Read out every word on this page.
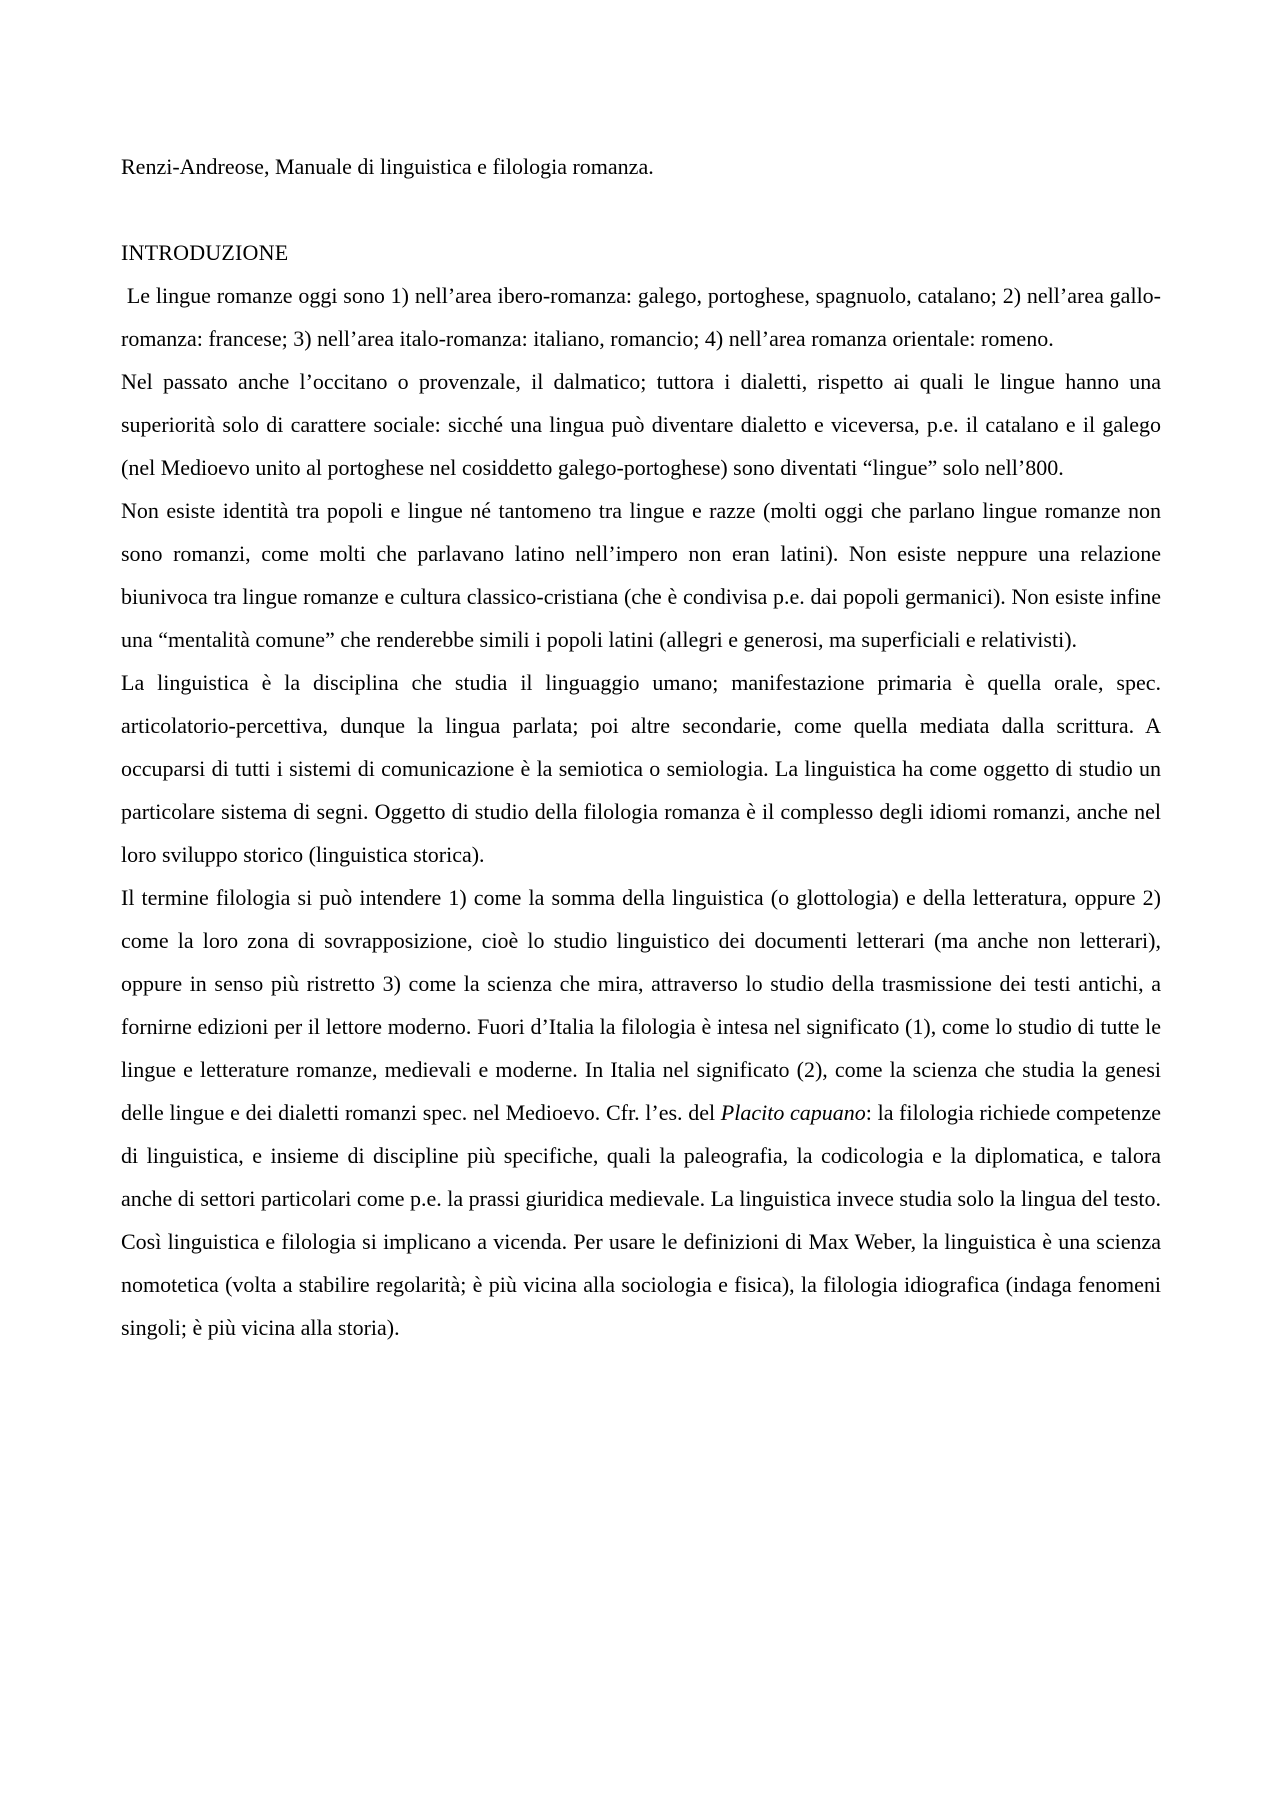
Renzi-Andreose, Manuale di linguistica e filologia romanza.

INTRODUZIONE

Le lingue romanze oggi sono 1) nell’area ibero-romanza: galego, portoghese, spagnuolo, catalano; 2) nell’area gallo-romanza: francese; 3) nell’area italo-romanza: italiano, romancio; 4) nell’area romanza orientale: romeno.

Nel passato anche l’occitano o provenzale, il dalmatico; tuttora i dialetti, rispetto ai quali le lingue hanno una superiorità solo di carattere sociale: sicché una lingua può diventare dialetto e viceversa, p.e. il catalano e il galego (nel Medioevo unito al portoghese nel cosiddetto galego-portoghese) sono diventati “lingue” solo nell’800.

Non esiste identità tra popoli e lingue né tantomeno tra lingue e razze (molti oggi che parlano lingue romanze non sono romanzi, come molti che parlavano latino nell’impero non eran latini). Non esiste neppure una relazione biunivoca tra lingue romanze e cultura classico-cristiana (che è condivisa p.e. dai popoli germanici). Non esiste infine una “mentalità comune” che renderebbe simili i popoli latini (allegri e generosi, ma superficiali e relativisti).

La linguistica è la disciplina che studia il linguaggio umano; manifestazione primaria è quella orale, spec. articolatorio-percettiva, dunque la lingua parlata; poi altre secondarie, come quella mediata dalla scrittura. A occuparsi di tutti i sistemi di comunicazione è la semiotica o semiologia. La linguistica ha come oggetto di studio un particolare sistema di segni. Oggetto di studio della filologia romanza è il complesso degli idiomi romanzi, anche nel loro sviluppo storico (linguistica storica).

Il termine filologia si può intendere 1) come la somma della linguistica (o glottologia) e della letteratura, oppure 2) come la loro zona di sovrapposizione, cioè lo studio linguistico dei documenti letterari (ma anche non letterari), oppure in senso più ristretto 3) come la scienza che mira, attraverso lo studio della trasmissione dei testi antichi, a fornirne edizioni per il lettore moderno. Fuori d’Italia la filologia è intesa nel significato (1), come lo studio di tutte le lingue e letterature romanze, medievali e moderne. In Italia nel significato (2), come la scienza che studia la genesi delle lingue e dei dialetti romanzi spec. nel Medioevo. Cfr. l’es. del Placito capuano: la filologia richiede competenze di linguistica, e insieme di discipline più specifiche, quali la paleografia, la codicologia e la diplomatica, e talora anche di settori particolari come p.e. la prassi giuridica medievale. La linguistica invece studia solo la lingua del testo. Così linguistica e filologia si implicano a vicenda. Per usare le definizioni di Max Weber, la linguistica è una scienza nomotetica (volta a stabilire regolarità; è più vicina alla sociologia e fisica), la filologia idiografica (indaga fenomeni singoli; è più vicina alla storia).
